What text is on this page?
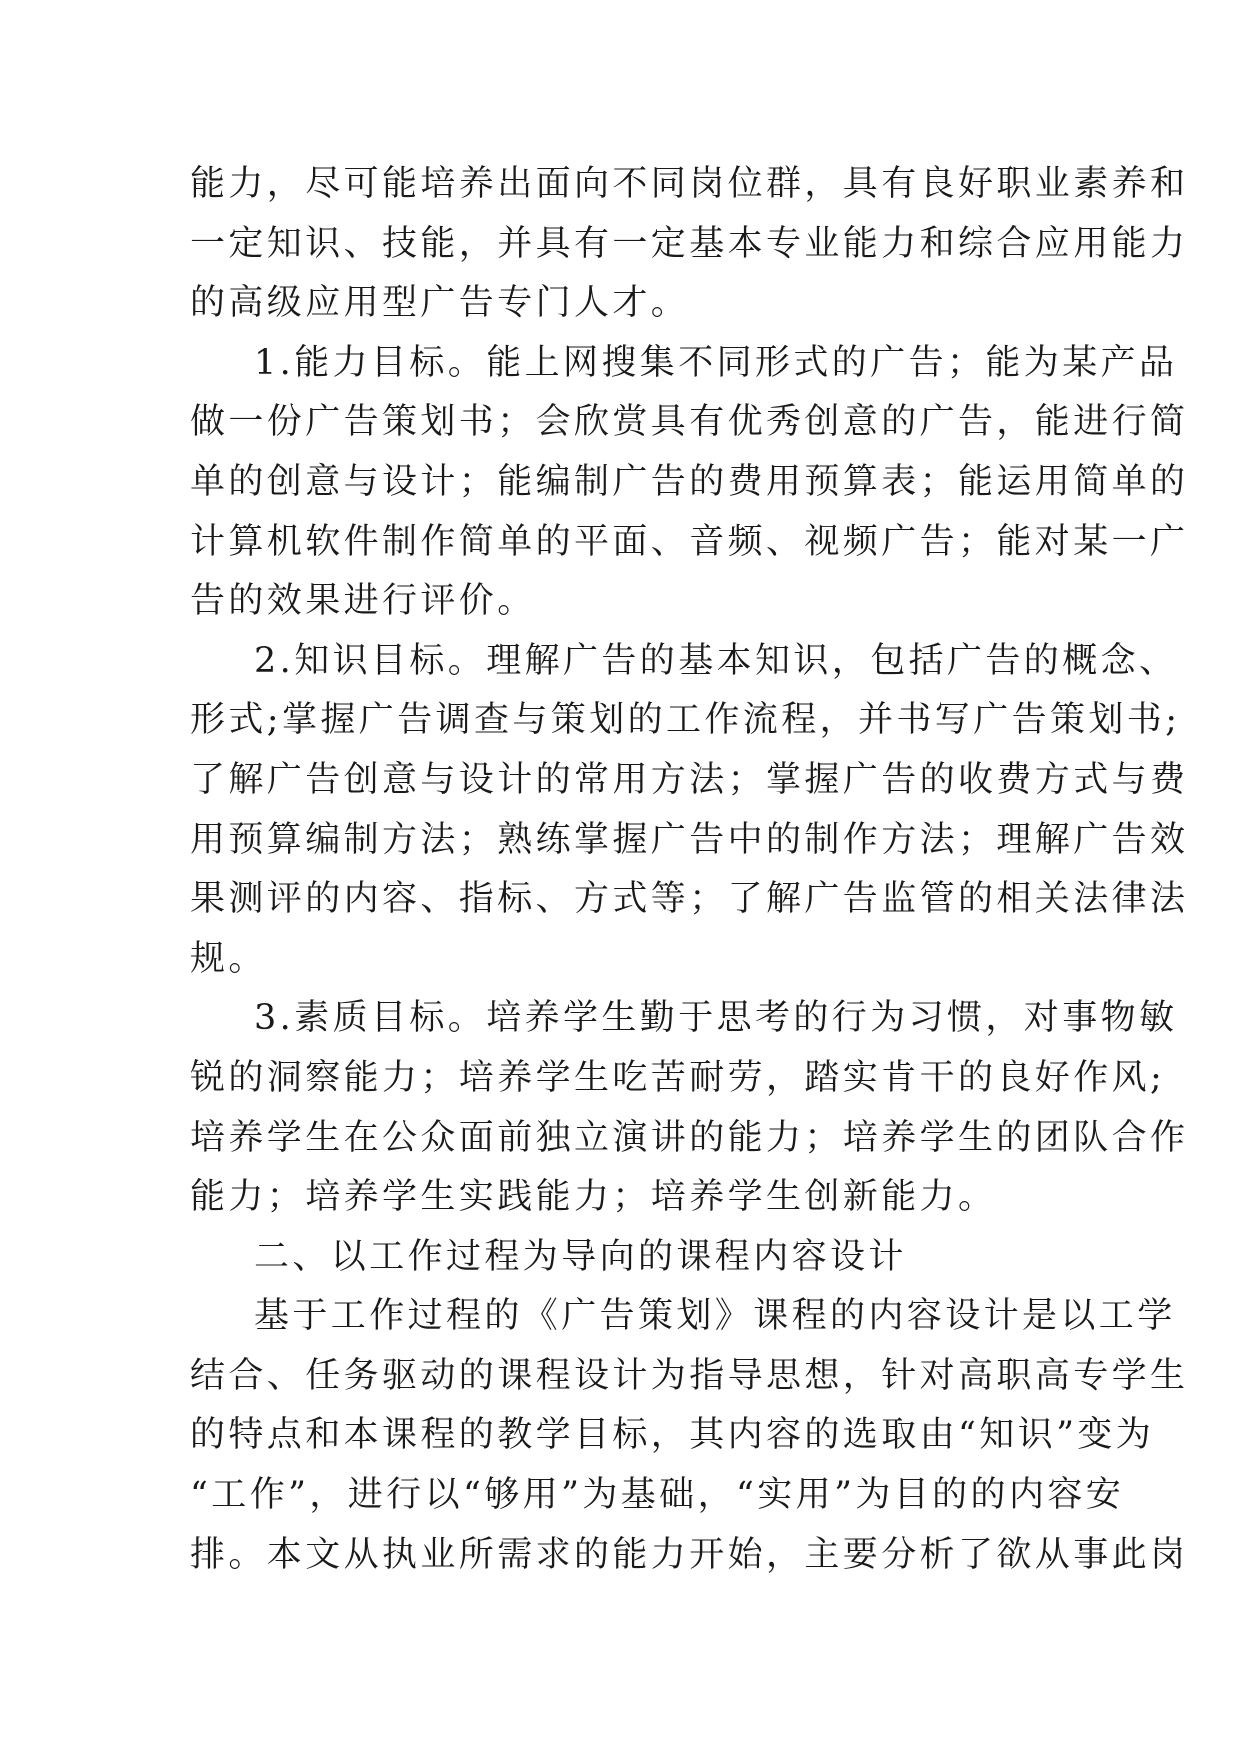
能力，尽可能培养出面向不同岗位群，具有良好职业素养和
一定知识、技能，并具有一定基本专业能力和综合应用能力
的高级应用型广告专门人才。
1.能力目标。能上网搜集不同形式的广告；能为某产品
做一份广告策划书；会欣赏具有优秀创意的广告，能进行简
单的创意与设计；能编制广告的费用预算表；能运用简单的
计算机软件制作简单的平面、音频、视频广告；能对某一广
告的效果进行评价。
2.知识目标。理解广告的基本知识，包括广告的概念、
形式;掌握广告调查与策划的工作流程，并书写广告策划书;
了解广告创意与设计的常用方法；掌握广告的收费方式与费
用预算编制方法；熟练掌握广告中的制作方法；理解广告效
果测评的内容、指标、方式等；了解广告监管的相关法律法
规。
3.素质目标。培养学生勤于思考的行为习惯，对事物敏
锐的洞察能力；培养学生吃苦耐劳，踏实肯干的良好作风;
培养学生在公众面前独立演讲的能力；培养学生的团队合作
能力；培养学生实践能力；培养学生创新能力。
二、以工作过程为导向的课程内容设计
基于工作过程的《广告策划》课程的内容设计是以工学
结合、任务驱动的课程设计为指导思想，针对高职高专学生
的特点和本课程的教学目标，其内容的选取由“知识”变为
“工作”，进行以“够用”为基础，“实用”为目的的内容安
排。本文从执业所需求的能力开始，主要分析了欲从事此岗
